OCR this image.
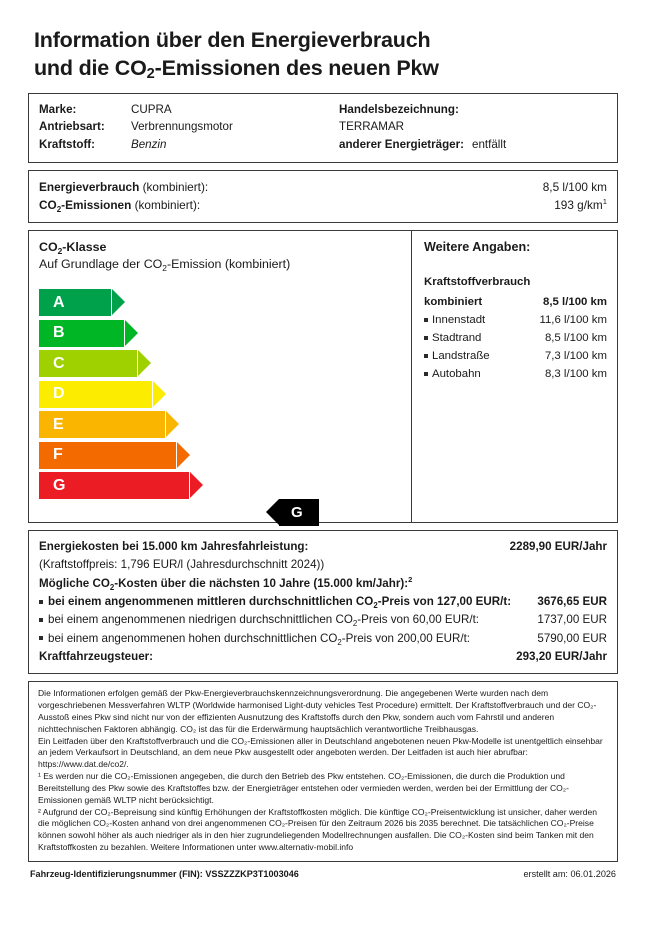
Information über den Energieverbrauch
und die $CO_2$-Emissionen des neuen Pkw
Marke:	CUPRA	Handelsbezeichnung:
Antriebsart:	Verbrennungsmotor	TERRAMAR
Kraftstoff:	Benzin	anderer Energieträger: entfällt
Energieverbrauch (kombiniert):	8,5 l/100 km
$CO_2$-Emissionen (kombiniert):	193 $g/km^1$
$CO_2$-Klasse
Auf Grundlage der $CO_2$-Emission (kombiniert)
A
B
C
D
E
F
G
G
Weitere Angaben:
Kraftstoffverbrauch
kombiniert	8,5 l/100 km
Innenstadt	11,6 l/100 km
Stadtrand	8,5 l/100 km
Landstraße	7,3 l/100 km
Autobahn	8,3 l/100 km
Energiekosten bei 15.000 km Jahresfahrleistung:	2289,90 EUR/Jahr
(Kraftstoffpreis: 1,796 EUR/l (Jahresdurchschnitt 2024))
Mögliche $CO_2$-Kosten über die nächsten 10 Jahre (15.000 km/Jahr):$^2$
bei einem angenommenen mittleren durchschnittlichen $CO_2$-Preis von 127,00 EUR/t: 3676,65 EUR
bei einem angenommenen niedrigen durchschnittlichen $CO_2$-Preis von 60,00 EUR/t:	1737,00 EUR
bei einem angenommenen hohen durchschnittlichen $CO_2$-Preis von 200,00 EUR/t:	5790,00 EUR
Kraftfahrzeugsteuer:	293,20 EUR/Jahr

Die Informationen erfolgen gemäß der Pkw-Energieverbrauchskennzeichnungsverordnung. Die angegebenen Werte wurden nach dem vorgeschriebenen Messverfahren WLTP (Worldwide harmonised Light-duty vehicles Test Procedure) ermittelt. Der Kraftstoffverbrauch und der CO₂-Ausstoß eines Pkw sind nicht nur von der effizienten Ausnutzung des Kraftstoffs durch den Pkw, sondern auch vom Fahrstil und anderen nichttechnischen Faktoren abhängig. CO₂ ist das für die Erderwärmung hauptsächlich verantwortliche Treibhausgas.

Ein Leitfaden über den Kraftstoffverbrauch und die CO₂-Emissionen aller in Deutschland angebotenen neuen Pkw-Modelle ist unentgeltlich einsehbar an jedem Verkaufsort in Deutschland, an dem neue Pkw ausgestellt oder angeboten werden. Der Leitfaden ist auch hier abrufbar: https://www.dat.de/co2/.

¹ Es werden nur die CO₂-Emissionen angegeben, die durch den Betrieb des Pkw entstehen. CO₂-Emissionen, die durch die Produktion und Bereitstellung des Pkw sowie des Kraftstoffes bzw. der Energieträger entstehen oder vermieden werden, werden bei der Ermittlung der CO₂-Emissionen gemäß WLTP nicht berücksichtigt.

² Aufgrund der CO₂-Bepreisung sind künftig Erhöhungen der Kraftstoffkosten möglich. Die künftige CO₂-Preisentwicklung ist unsicher, daher werden die möglichen CO₂-Kosten anhand von drei angenommenen CO₂-Preisen für den Zeitraum 2026 bis 2035 berechnet. Die tatsächlichen CO₂-Preise können sowohl höher als auch niedriger als in den hier zugrundeliegenden Modellrechnungen ausfallen. Die CO₂-Kosten sind beim Tanken mit den Kraftstoffkosten zu bezahlen. Weitere Informationen unter www.alternativ-mobil.info

Fahrzeug-Identifizierungsnummer (FIN): VSSZZZKP3T1003046	erstellt am: 06.01.2026
